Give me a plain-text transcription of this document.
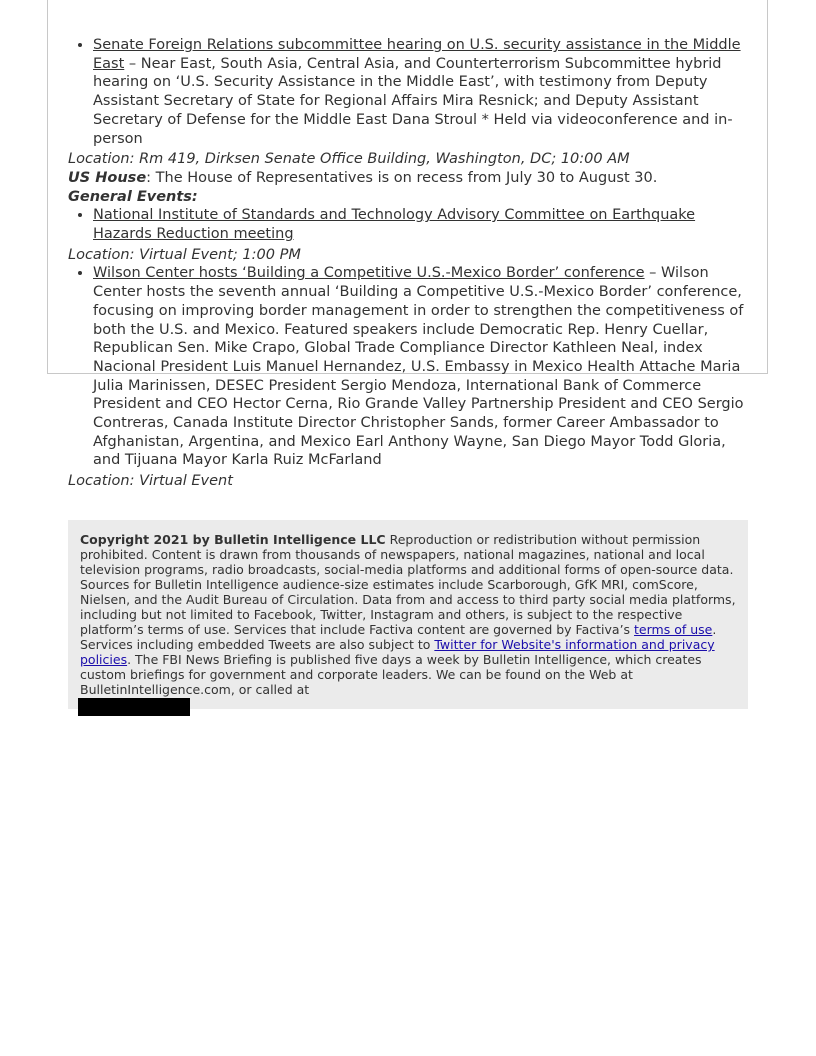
• Senate Foreign Relations subcommittee hearing on U.S. security assistance in the Middle East – Near East, South Asia, Central Asia, and Counterterrorism Subcommittee hybrid hearing on ‘U.S. Security Assistance in the Middle East’, with testimony from Deputy Assistant Secretary of State for Regional Affairs Mira Resnick; and Deputy Assistant Secretary of Defense for the Middle East Dana Stroul * Held via videoconference and in-person
Location: Rm 419, Dirksen Senate Office Building, Washington, DC; 10:00 AM
US House: The House of Representatives is on recess from July 30 to August 30.
General Events:
• National Institute of Standards and Technology Advisory Committee on Earthquake Hazards Reduction meeting
Location: Virtual Event; 1:00 PM
• Wilson Center hosts ‘Building a Competitive U.S.-Mexico Border’ conference – Wilson Center hosts the seventh annual ‘Building a Competitive U.S.-Mexico Border’ conference, focusing on improving border management in order to strengthen the competitiveness of both the U.S. and Mexico. Featured speakers include Democratic Rep. Henry Cuellar, Republican Sen. Mike Crapo, Global Trade Compliance Director Kathleen Neal, index Nacional President Luis Manuel Hernandez, U.S. Embassy in Mexico Health Attache Maria Julia Marinissen, DESEC President Sergio Mendoza, International Bank of Commerce President and CEO Hector Cerna, Rio Grande Valley Partnership President and CEO Sergio Contreras, Canada Institute Director Christopher Sands, former Career Ambassador to Afghanistan, Argentina, and Mexico Earl Anthony Wayne, San Diego Mayor Todd Gloria, and Tijuana Mayor Karla Ruiz McFarland
Location: Virtual Event
Copyright 2021 by Bulletin Intelligence LLC Reproduction or redistribution without permission prohibited. Content is drawn from thousands of newspapers, national magazines, national and local television programs, radio broadcasts, social-media platforms and additional forms of open-source data. Sources for Bulletin Intelligence audience-size estimates include Scarborough, GfK MRI, comScore, Nielsen, and the Audit Bureau of Circulation. Data from and access to third party social media platforms, including but not limited to Facebook, Twitter, Instagram and others, is subject to the respective platform’s terms of use. Services that include Factiva content are governed by Factiva’s terms of use. Services including embedded Tweets are also subject to Twitter for Website's information and privacy policies. The FBI News Briefing is published five days a week by Bulletin Intelligence, which creates custom briefings for government and corporate leaders. We can be found on the Web at BulletinIntelligence.com, or called at
